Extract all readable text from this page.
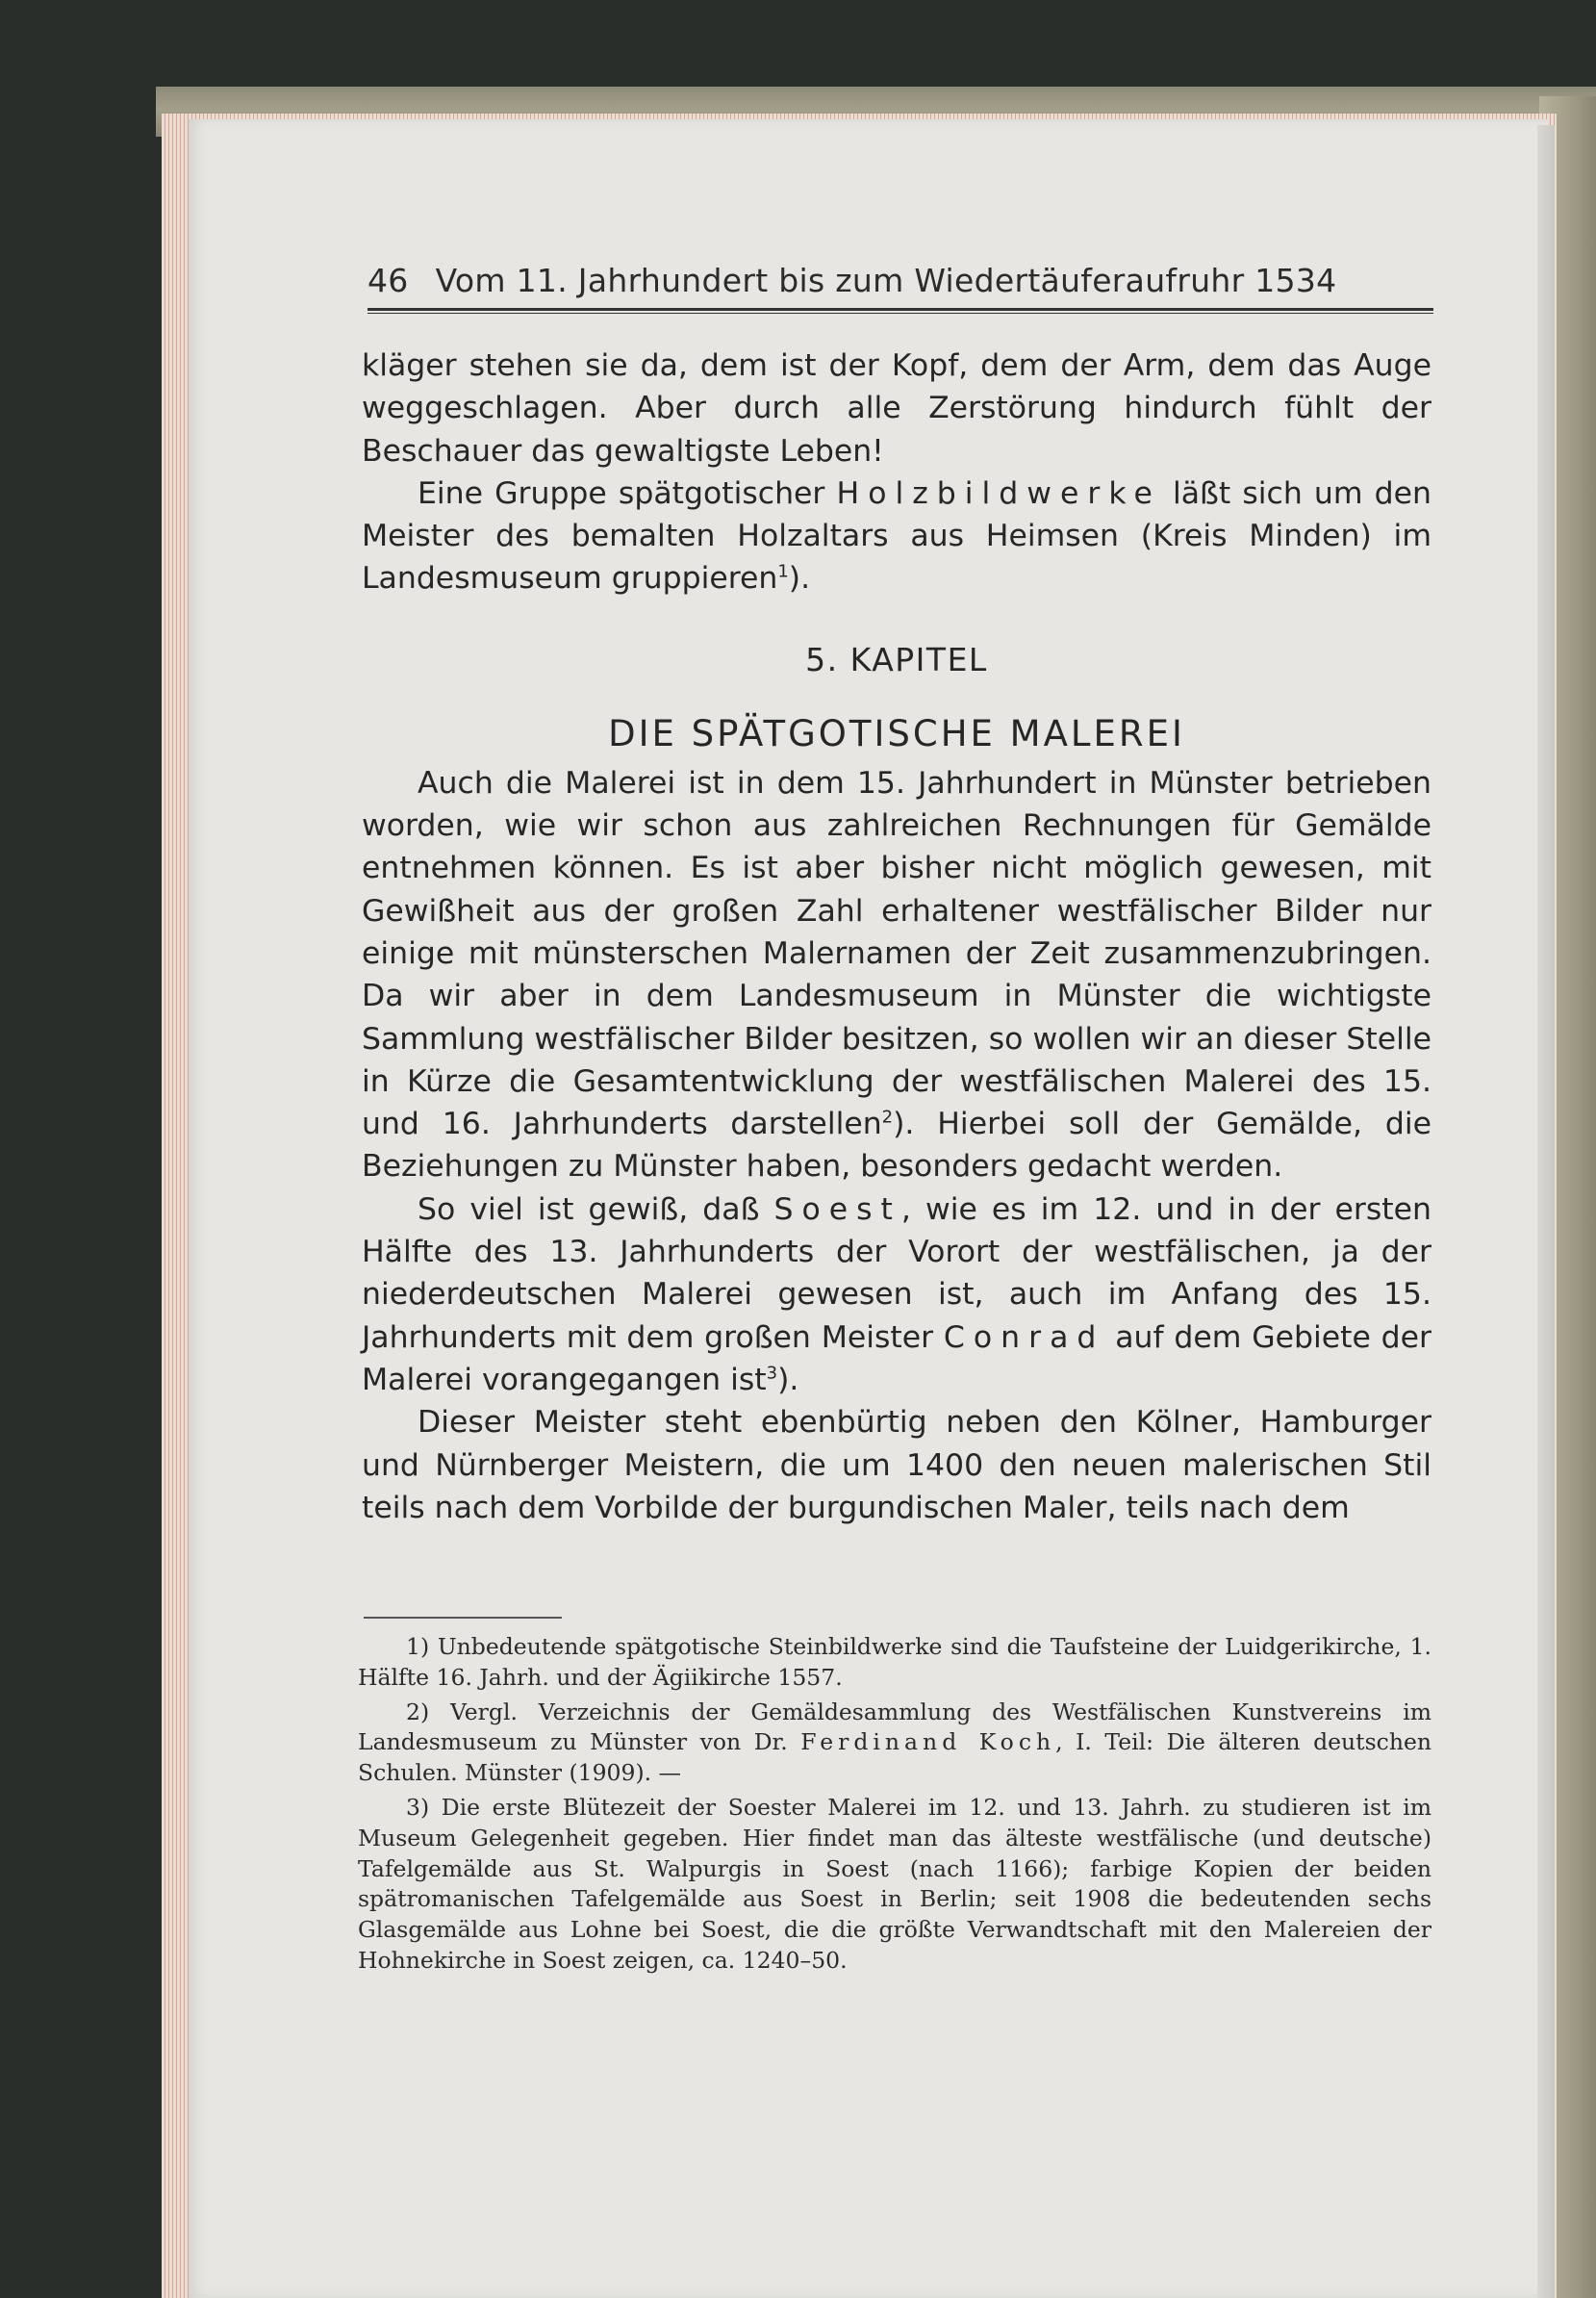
46 Vom 11. Jahrhundert bis zum Wiedertäuferaufruhr 1534

kläger stehen sie da, dem ist der Kopf, dem der Arm, dem das Auge weggeschlagen. Aber durch alle Zerstörung hindurch fühlt der Beschauer das gewaltigste Leben!

Eine Gruppe spätgotischer Holzbildwerke läßt sich um den Meister des bemalten Holzaltars aus Heimsen (Kreis Minden) im Landesmuseum gruppieren$^1$).

5. KAPITEL

DIE SPÄTGOTISCHE MALEREI

Auch die Malerei ist in dem 15. Jahrhundert in Münster betrieben worden, wie wir schon aus zahlreichen Rechnungen für Gemälde entnehmen können. Es ist aber bisher nicht möglich gewesen, mit Gewißheit aus der großen Zahl erhaltener westfälischer Bilder nur einige mit münsterschen Malernamen der Zeit zusammenzubringen. Da wir aber in dem Landesmuseum in Münster die wichtigste Sammlung westfälischer Bilder besitzen, so wollen wir an dieser Stelle in Kürze die Gesamtentwicklung der westfälischen Malerei des 15. und 16. Jahrhunderts darstellen$^2$). Hierbei soll der Gemälde, die Beziehungen zu Münster haben, besonders gedacht werden.

So viel ist gewiß, daß Soest, wie es im 12. und in der ersten Hälfte des 13. Jahrhunderts der Vorort der westfälischen, ja der niederdeutschen Malerei gewesen ist, auch im Anfang des 15. Jahrhunderts mit dem großen Meister Conrad auf dem Gebiete der Malerei vorangegangen ist$^3$).

Dieser Meister steht ebenbürtig neben den Kölner, Hamburger und Nürnberger Meistern, die um 1400 den neuen malerischen Stil teils nach dem Vorbilde der burgundischen Maler, teils nach dem

1) Unbedeutende spätgotische Steinbildwerke sind die Taufsteine der Luidgerikirche, 1. Hälfte 16. Jahrh. und der Ägiikirche 1557.

2) Vergl. Verzeichnis der Gemäldesammlung des Westfälischen Kunstvereins im Landesmuseum zu Münster von Dr. Ferdinand Koch, I. Teil: Die älteren deutschen Schulen. Münster (1909). —

3) Die erste Blütezeit der Soester Malerei im 12. und 13. Jahrh. zu studieren ist im Museum Gelegenheit gegeben. Hier findet man das älteste westfälische (und deutsche) Tafelgemälde aus St. Walpurgis in Soest (nach 1166); farbige Kopien der beiden spätromanischen Tafelgemälde aus Soest in Berlin; seit 1908 die bedeutenden sechs Glasgemälde aus Lohne bei Soest, die die größte Verwandtschaft mit den Malereien der Hohnekirche in Soest zeigen, ca. 1240–50.
